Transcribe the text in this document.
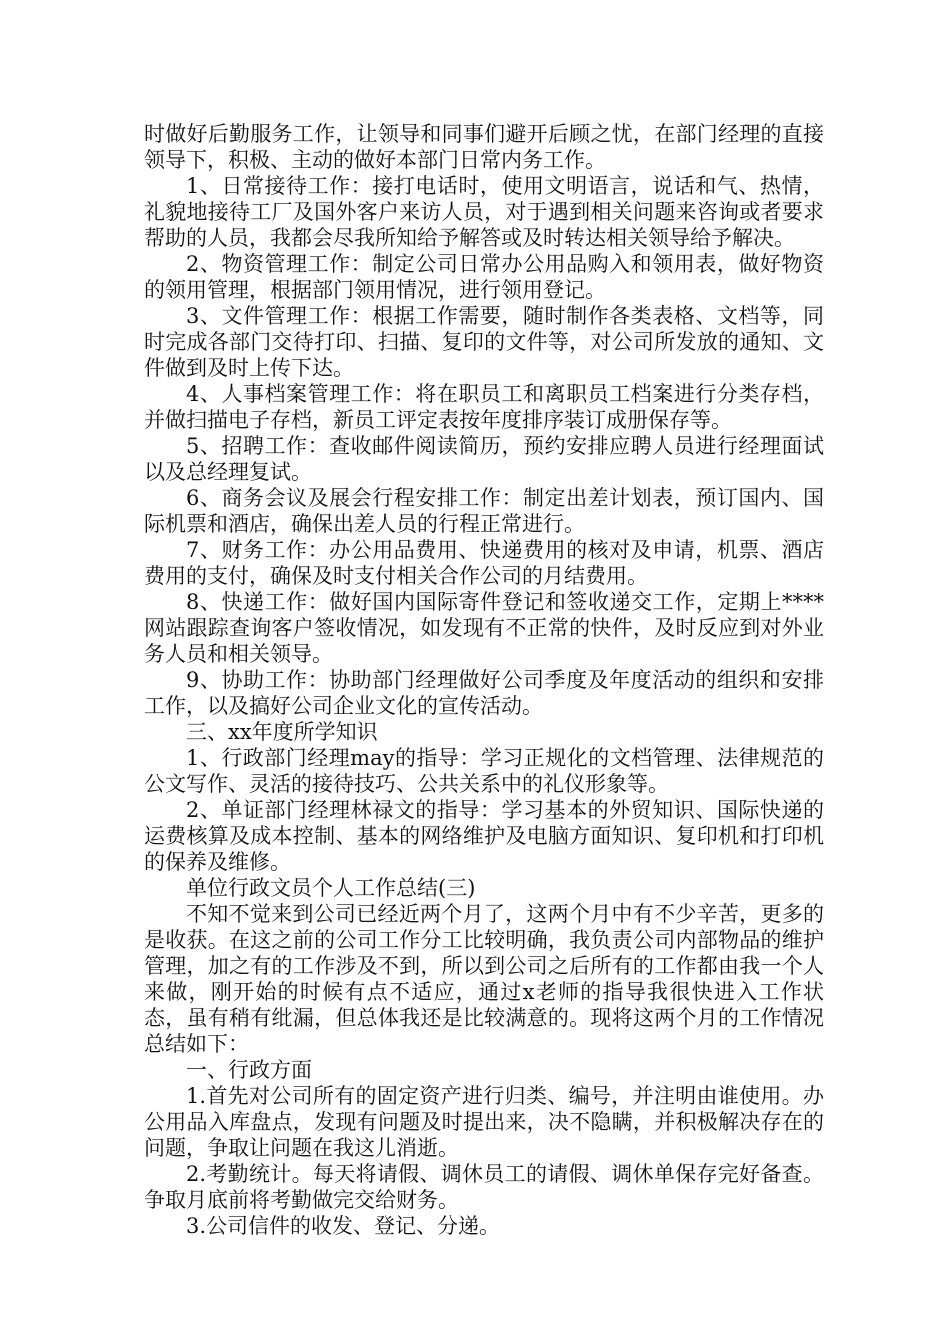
时做好后勤服务工作，让领导和同事们避开后顾之忧，在部门经理的直接领导下，积极、主动的做好本部门日常内务工作。

1、日常接待工作：接打电话时，使用文明语言，说话和气、热情，礼貌地接待工厂及国外客户来访人员，对于遇到相关问题来咨询或者要求帮助的人员，我都会尽我所知给予解答或及时转达相关领导给予解决。

2、物资管理工作：制定公司日常办公用品购入和领用表，做好物资的领用管理，根据部门领用情况，进行领用登记。

3、文件管理工作：根据工作需要，随时制作各类表格、文档等，同时完成各部门交待打印、扫描、复印的文件等，对公司所发放的通知、文件做到及时上传下达。

4、人事档案管理工作：将在职员工和离职员工档案进行分类存档，并做扫描电子存档，新员工评定表按年度排序装订成册保存等。

5、招聘工作：查收邮件阅读简历，预约安排应聘人员进行经理面试以及总经理复试。

6、商务会议及展会行程安排工作：制定出差计划表，预订国内、国际机票和酒店，确保出差人员的行程正常进行。

7、财务工作：办公用品费用、快递费用的核对及申请，机票、酒店费用的支付，确保及时支付相关合作公司的月结费用。

8、快递工作：做好国内国际寄件登记和签收递交工作，定期上****网站跟踪查询客户签收情况，如发现有不正常的快件，及时反应到对外业务人员和相关领导。

9、协助工作：协助部门经理做好公司季度及年度活动的组织和安排工作，以及搞好公司企业文化的宣传活动。

三、xx年度所学知识

1、行政部门经理may的指导：学习正规化的文档管理、法律规范的公文写作、灵活的接待技巧、公共关系中的礼仪形象等。

2、单证部门经理林禄文的指导：学习基本的外贸知识、国际快递的运费核算及成本控制、基本的网络维护及电脑方面知识、复印机和打印机的保养及维修。

单位行政文员个人工作总结(三)

不知不觉来到公司已经近两个月了，这两个月中有不少辛苦，更多的是收获。在这之前的公司工作分工比较明确，我负责公司内部物品的维护管理，加之有的工作涉及不到，所以到公司之后所有的工作都由我一个人来做，刚开始的时候有点不适应，通过x老师的指导我很快进入工作状态，虽有稍有纰漏，但总体我还是比较满意的。现将这两个月的工作情况总结如下：

一、行政方面

1.首先对公司所有的固定资产进行归类、编号，并注明由谁使用。办公用品入库盘点，发现有问题及时提出来，决不隐瞒，并积极解决存在的问题，争取让问题在我这儿消逝。

2.考勤统计。每天将请假、调休员工的请假、调休单保存完好备查。争取月底前将考勤做完交给财务。

3.公司信件的收发、登记、分递。
